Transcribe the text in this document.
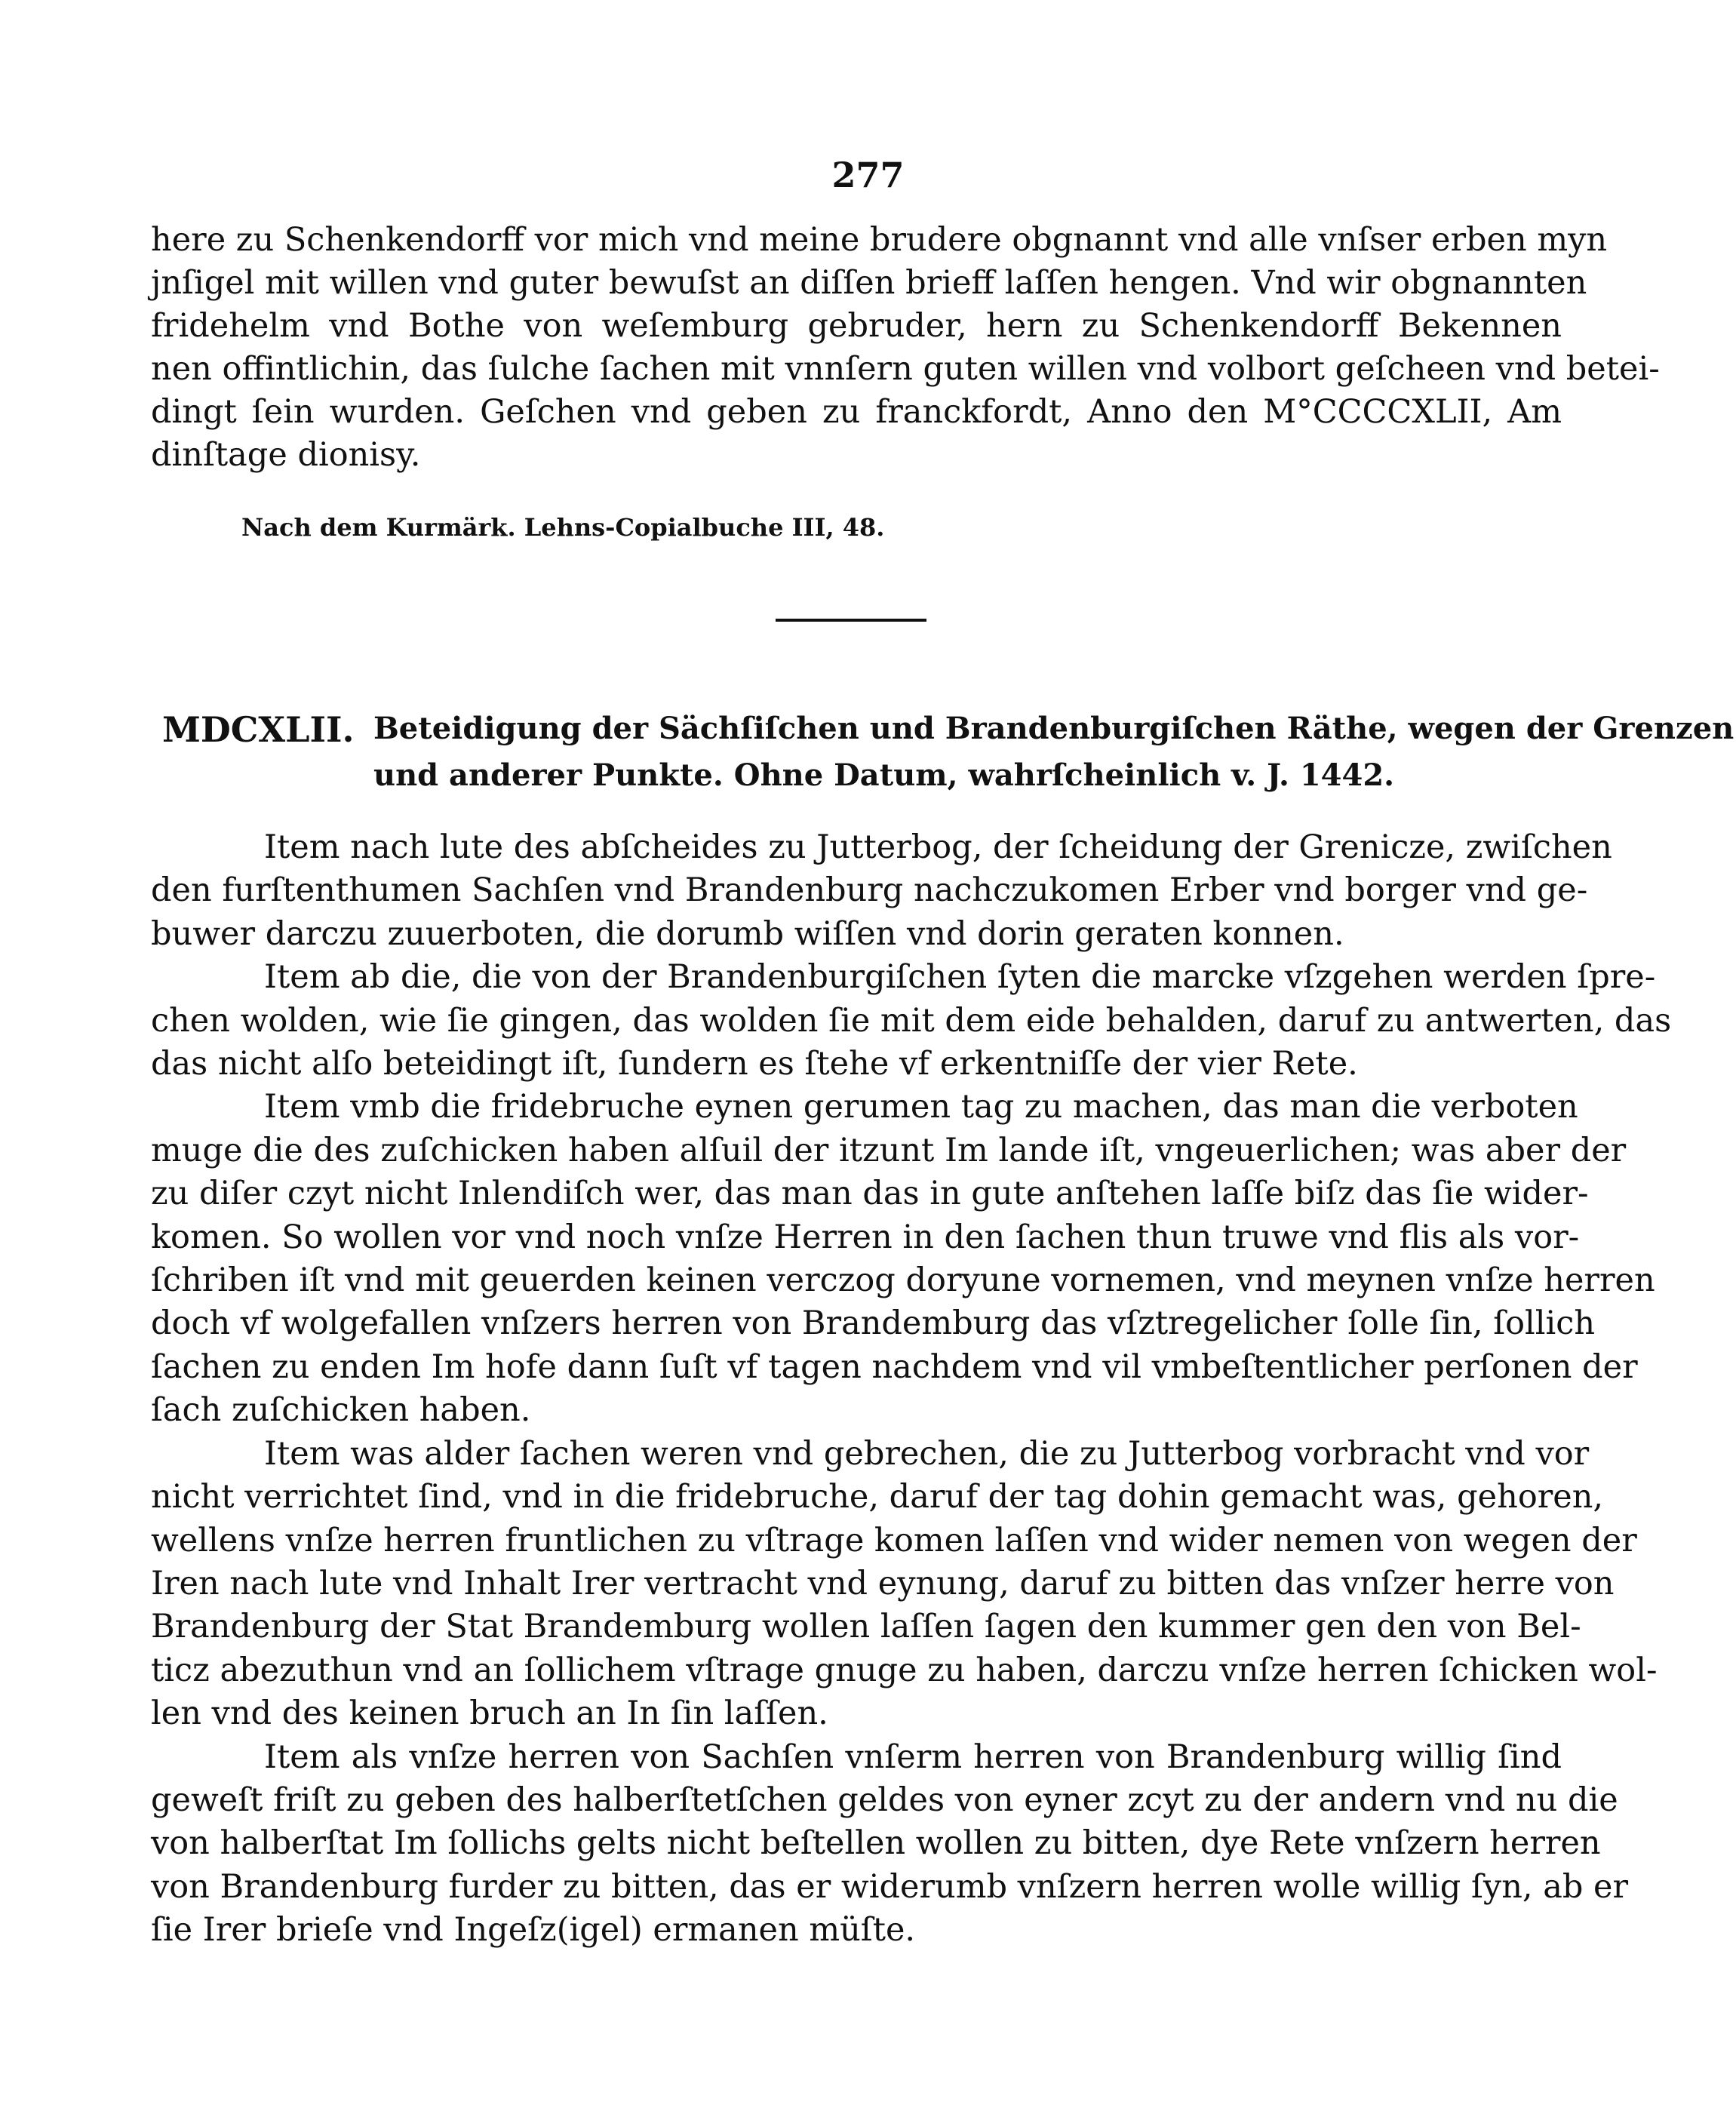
277
here zu Schenkendorff vor mich vnd meine brudere obgnannt vnd alle vnſser erben myn
jnſigel mit willen vnd guter bewuſst an diſſen brieff laſſen hengen. Vnd wir obgnannten
fridehelm vnd Bothe von weſemburg gebruder, hern zu Schenkendorff Bekennen
nen offintlichin, das ſulche ſachen mit vnnſern guten willen vnd volbort geſcheen vnd betei-
dingt ſein wurden. Geſchen vnd geben zu franckfordt, Anno den M°CCCCXLII, Am
dinſtage dionisy.
Nach dem Kurmärk. Lehns-Copialbuche III, 48.
MDCXLII. Beteidigung der Sächſiſchen und Brandenburgiſchen Räthe, wegen der Grenzen
und anderer Punkte. Ohne Datum, wahrſcheinlich v. J. 1442.
Item nach lute des abſcheides zu Jutterbog, der ſcheidung der Grenicze, zwiſchen
den furſtenthumen Sachſen vnd Brandenburg nachczukomen Erber vnd borger vnd ge-
buwer darczu zuuerboten, die dorumb wiſſen vnd dorin geraten konnen.
Item ab die, die von der Brandenburgiſchen ſyten die marcke vſzgehen werden ſpre-
chen wolden, wie ſie gingen, das wolden ſie mit dem eide behalden, daruf zu antwerten, das
das nicht alſo beteidingt iſt, ſundern es ſtehe vf erkentniſſe der vier Rete.
Item vmb die fridebruche eynen gerumen tag zu machen, das man die verboten
muge die des zuſchicken haben alſuil der itzunt Im lande iſt, vngeuerlichen; was aber der
zu diſer czyt nicht Inlendiſch wer, das man das in gute anſtehen laſſe biſz das ſie wider-
komen. So wollen vor vnd noch vnſze Herren in den ſachen thun truwe vnd flis als vor-
ſchriben iſt vnd mit geuerden keinen verczog doryune vornemen, vnd meynen vnſze herren
doch vf wolgefallen vnſzers herren von Brandemburg das vſztregelicher ſolle ſin, ſollich
ſachen zu enden Im hofe dann ſuſt vf tagen nachdem vnd vil vmbeſtentlicher perſonen der
ſach zuſchicken haben.
Item was alder ſachen weren vnd gebrechen, die zu Jutterbog vorbracht vnd vor
nicht verrichtet ſind, vnd in die fridebruche, daruf der tag dohin gemacht was, gehoren,
wellens vnſze herren fruntlichen zu vſtrage komen laſſen vnd wider nemen von wegen der
Iren nach lute vnd Inhalt Irer vertracht vnd eynung, daruf zu bitten das vnſzer herre von
Brandenburg der Stat Brandemburg wollen laſſen ſagen den kummer gen den von Bel-
ticz abezuthun vnd an ſollichem vſtrage gnuge zu haben, darczu vnſze herren ſchicken wol-
len vnd des keinen bruch an In ſin laſſen.
Item als vnſze herren von Sachſen vnſerm herren von Brandenburg willig ſind
geweſt friſt zu geben des halberſtetſchen geldes von eyner zcyt zu der andern vnd nu die
von halberſtat Im ſollichs gelts nicht beſtellen wollen zu bitten, dye Rete vnſzern herren
von Brandenburg furder zu bitten, das er widerumb vnſzern herren wolle willig ſyn, ab er
ſie Irer brieſe vnd Ingeſz(igel) ermanen müſte.
